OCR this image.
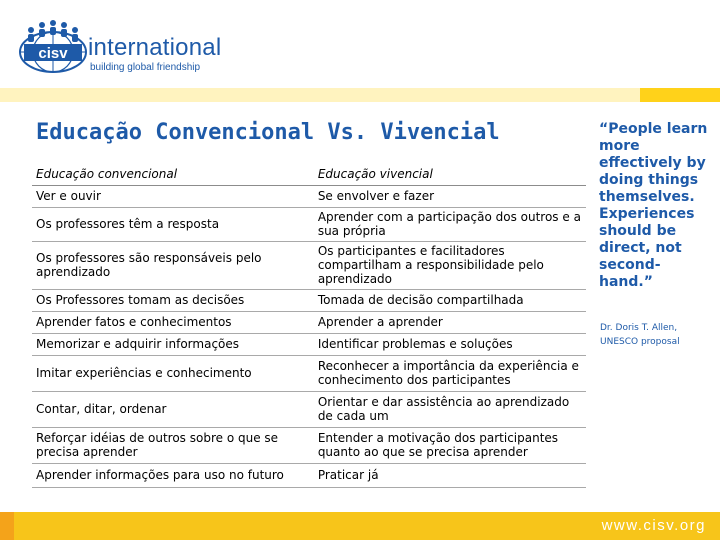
cisv international
building global friendship
Educação Convencional Vs. Vivencial
Educação convencional	Educação vivencial
Ver e ouvir	Se envolver e fazer
Os professores têm a resposta	Aprender com a participação dos outros e a sua própria
Os professores são responsáveis pelo aprendizado	Os participantes e facilitadores compartilham a responsibilidade pelo aprendizado
Os Professores tomam as decisões	Tomada de decisão compartilhada
Aprender fatos e conhecimentos	Aprender a aprender
Memorizar e adquirir informações	Identificar problemas e soluções
Imitar experiências e conhecimento	Reconhecer a importância da experiência e conhecimento dos participantes
Contar, ditar, ordenar	Orientar e dar assistência ao aprendizado de cada um
Reforçar idéias de outros sobre o que se precisa aprender	Entender a motivação dos participantes quanto ao que se precisa aprender
Aprender informações para uso no futuro	Praticar já
“People learn more effectively by doing things themselves. Experiences should be direct, not second-hand.”
Dr. Doris T. Allen, UNESCO proposal
www.cisv.org
